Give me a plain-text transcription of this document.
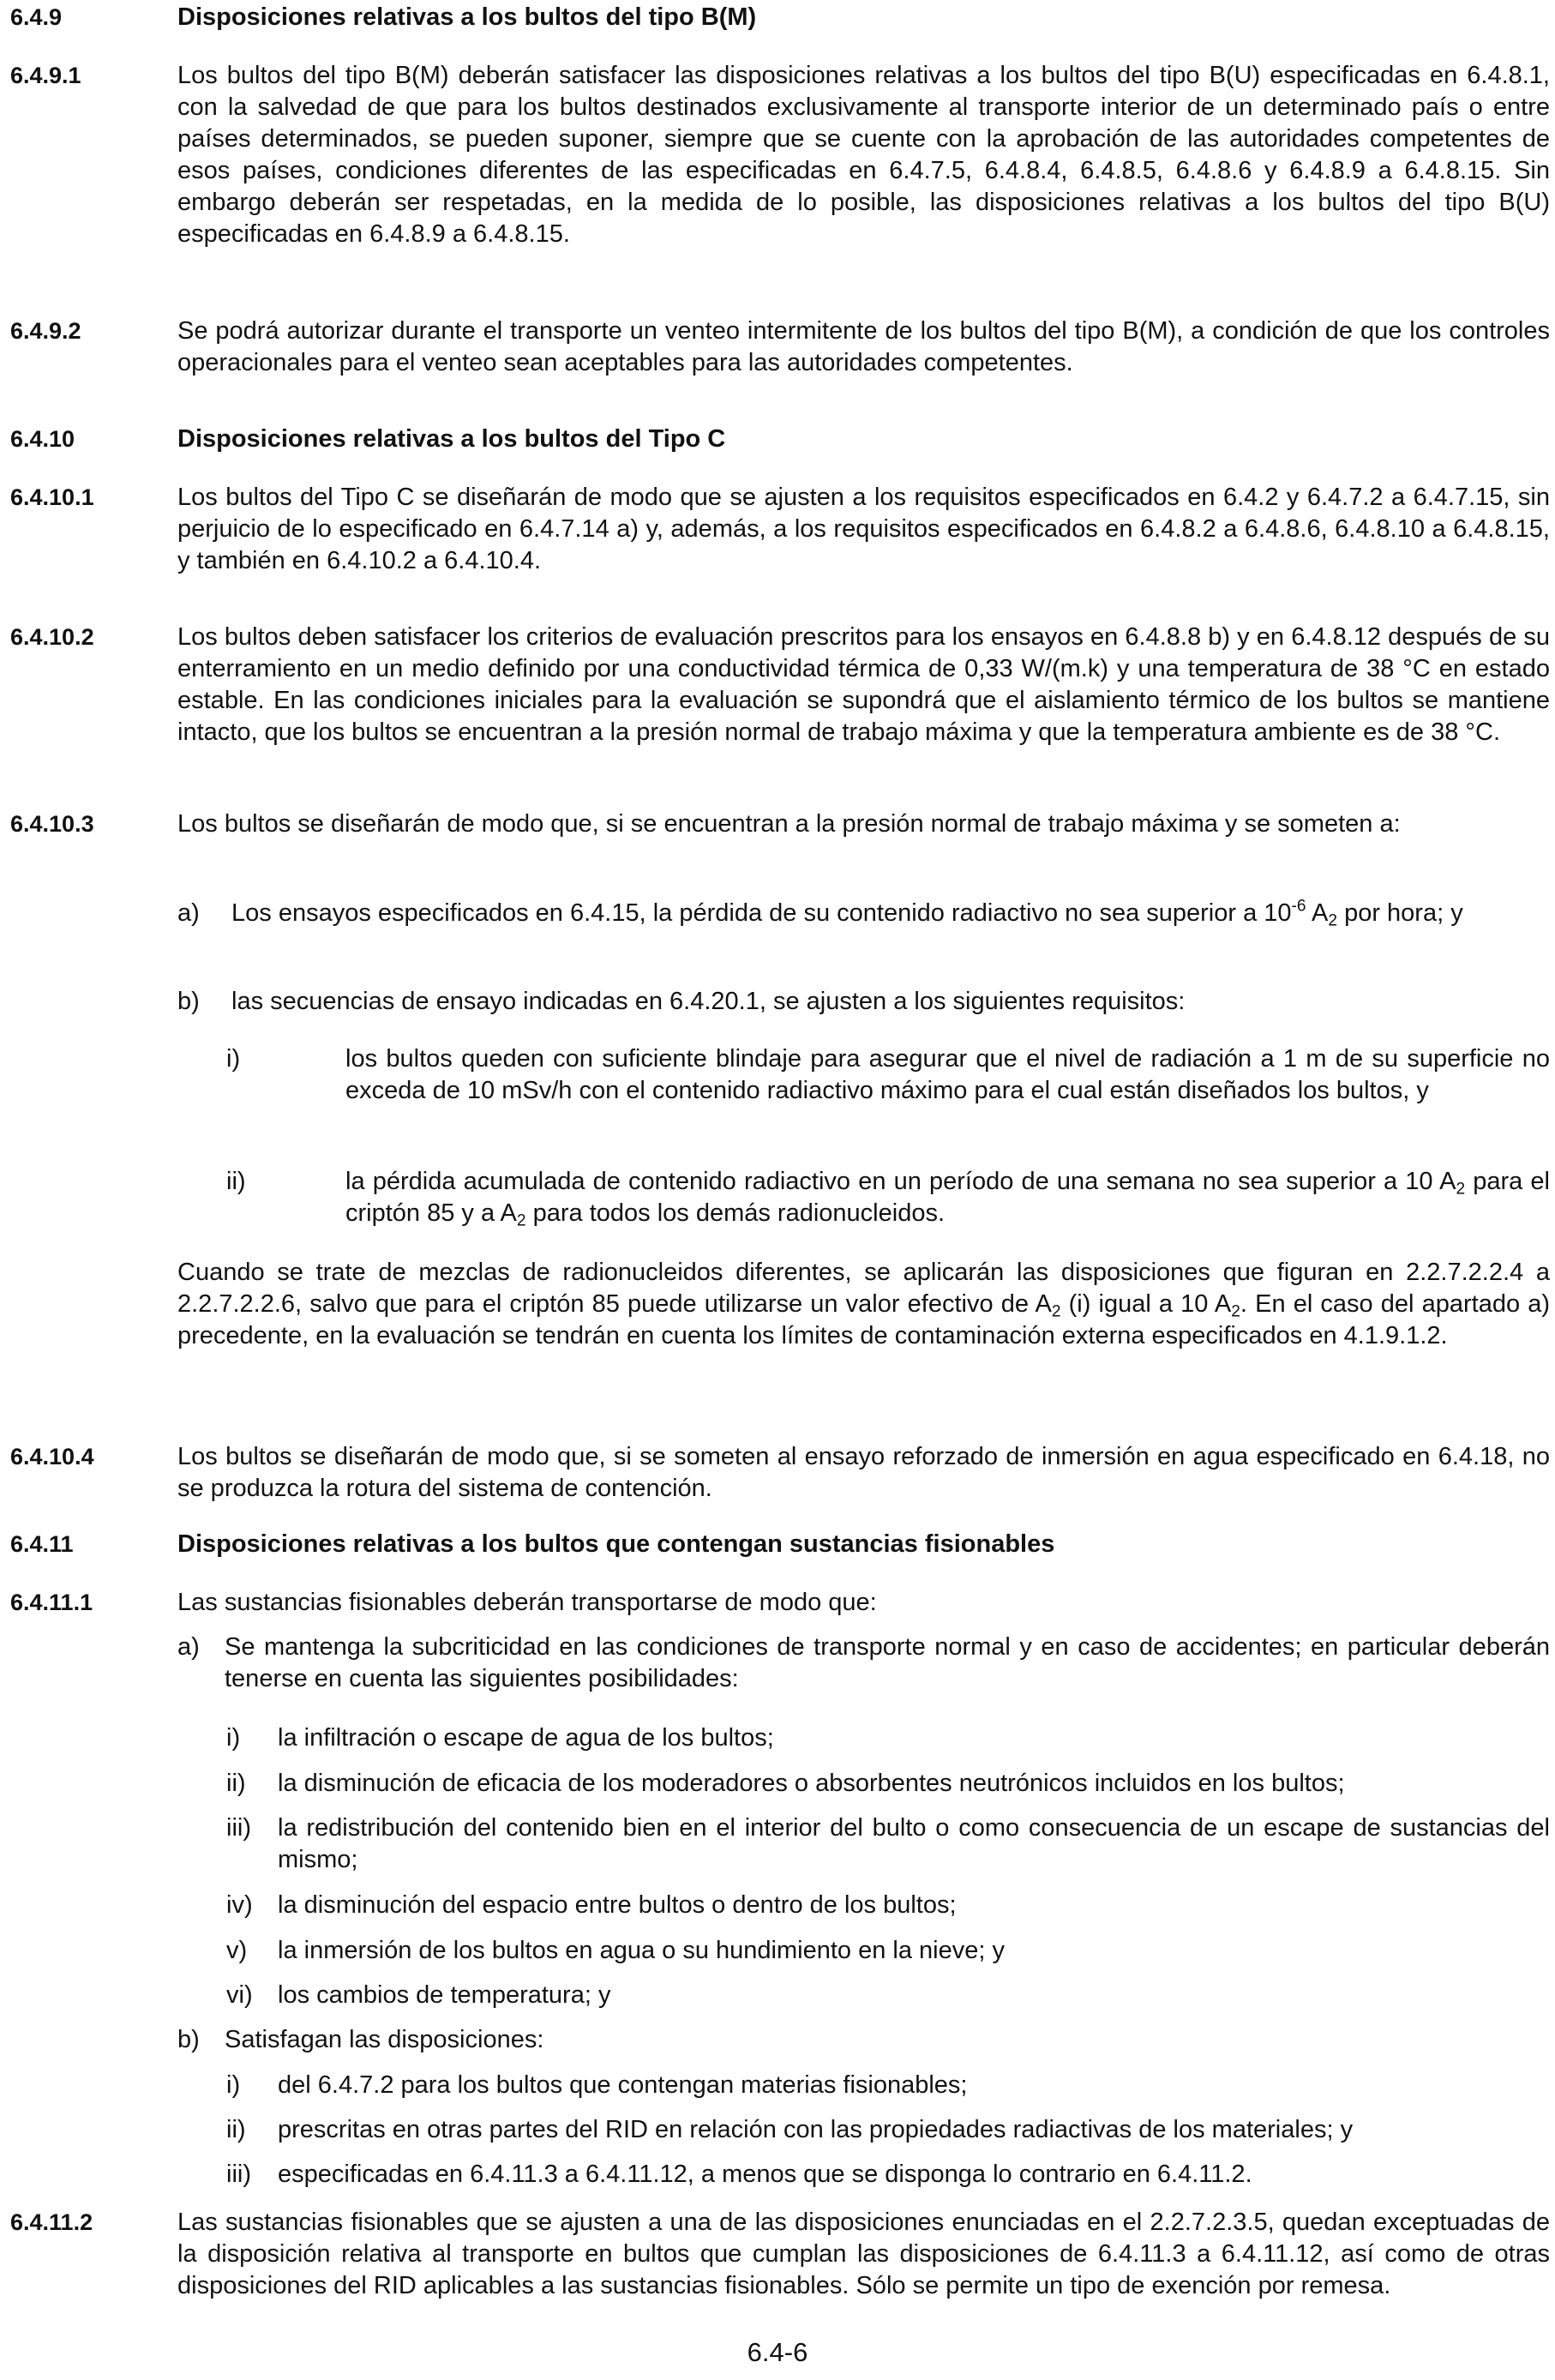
6.4.9	Disposiciones relativas a los bultos del tipo B(M)
6.4.9.1	Los bultos del tipo B(M) deberán satisfacer las disposiciones relativas a los bultos del tipo B(U) especificadas en 6.4.8.1, con la salvedad de que para los bultos destinados exclusivamente al transporte interior de un determinado país o entre países determinados, se pueden suponer, siempre que se cuente con la aprobación de las autoridades competentes de esos países, condiciones diferentes de las especificadas en 6.4.7.5, 6.4.8.4, 6.4.8.5, 6.4.8.6 y 6.4.8.9 a 6.4.8.15. Sin embargo deberán ser respetadas, en la medida de lo posible, las disposiciones relativas a los bultos del tipo B(U) especificadas en 6.4.8.9 a 6.4.8.15.
6.4.9.2	Se podrá autorizar durante el transporte un venteo intermitente de los bultos del tipo B(M), a condición de que los controles operacionales para el venteo sean aceptables para las autoridades competentes.
6.4.10	Disposiciones relativas a los bultos del Tipo C
6.4.10.1	Los bultos del Tipo C se diseñarán de modo que se ajusten a los requisitos especificados en 6.4.2 y 6.4.7.2 a 6.4.7.15, sin perjuicio de lo especificado en 6.4.7.14 a) y, además, a los requisitos especificados en 6.4.8.2 a 6.4.8.6, 6.4.8.10 a 6.4.8.15, y también en 6.4.10.2 a 6.4.10.4.
6.4.10.2	Los bultos deben satisfacer los criterios de evaluación prescritos para los ensayos en 6.4.8.8 b) y en 6.4.8.12 después de su enterramiento en un medio definido por una conductividad térmica de 0,33 W/(m.k) y una temperatura de 38 °C en estado estable. En las condiciones iniciales para la evaluación se supondrá que el aislamiento térmico de los bultos se mantiene intacto, que los bultos se encuentran a la presión normal de trabajo máxima y que la temperatura ambiente es de 38 °C.
6.4.10.3	Los bultos se diseñarán de modo que, si se encuentran a la presión normal de trabajo máxima y se someten a:
a) Los ensayos especificados en 6.4.15, la pérdida de su contenido radiactivo no sea superior a $10^{-6}$ $A_2$ por hora; y
b) las secuencias de ensayo indicadas en 6.4.20.1, se ajusten a los siguientes requisitos:
i)	los bultos queden con suficiente blindaje para asegurar que el nivel de radiación a 1 m de su superficie no exceda de 10 mSv/h con el contenido radiactivo máximo para el cual están diseñados los bultos, y
ii)	la pérdida acumulada de contenido radiactivo en un período de una semana no sea superior a 10 $A_2$ para el criptón 85 y a $A_2$ para todos los demás radionucleidos.
Cuando se trate de mezclas de radionucleidos diferentes, se aplicarán las disposiciones que figuran en 2.2.7.2.2.4 a 2.2.7.2.2.6, salvo que para el criptón 85 puede utilizarse un valor efectivo de $A_2$ (i) igual a 10 $A_2$. En el caso del apartado a) precedente, en la evaluación se tendrán en cuenta los límites de contaminación externa especificados en 4.1.9.1.2.
6.4.10.4	Los bultos se diseñarán de modo que, si se someten al ensayo reforzado de inmersión en agua especificado en 6.4.18, no se produzca la rotura del sistema de contención.
6.4.11	Disposiciones relativas a los bultos que contengan sustancias fisionables
6.4.11.1	Las sustancias fisionables deberán transportarse de modo que:
a) Se mantenga la subcriticidad en las condiciones de transporte normal y en caso de accidentes; en particular deberán tenerse en cuenta las siguientes posibilidades:
i) la infiltración o escape de agua de los bultos;
ii) la disminución de eficacia de los moderadores o absorbentes neutrónicos incluidos en los bultos;
iii) la redistribución del contenido bien en el interior del bulto o como consecuencia de un escape de sustancias del mismo;
iv) la disminución del espacio entre bultos o dentro de los bultos;
v) la inmersión de los bultos en agua o su hundimiento en la nieve; y
vi) los cambios de temperatura; y
b) Satisfagan las disposiciones:
i) del 6.4.7.2 para los bultos que contengan materias fisionables;
ii) prescritas en otras partes del RID en relación con las propiedades radiactivas de los materiales; y
iii) especificadas en 6.4.11.3 a 6.4.11.12, a menos que se disponga lo contrario en 6.4.11.2.
6.4.11.2	Las sustancias fisionables que se ajusten a una de las disposiciones enunciadas en el 2.2.7.2.3.5, quedan exceptuadas de la disposición relativa al transporte en bultos que cumplan las disposiciones de 6.4.11.3 a 6.4.11.12, así como de otras disposiciones del RID aplicables a las sustancias fisionables. Sólo se permite un tipo de exención por remesa.
6.4-6
